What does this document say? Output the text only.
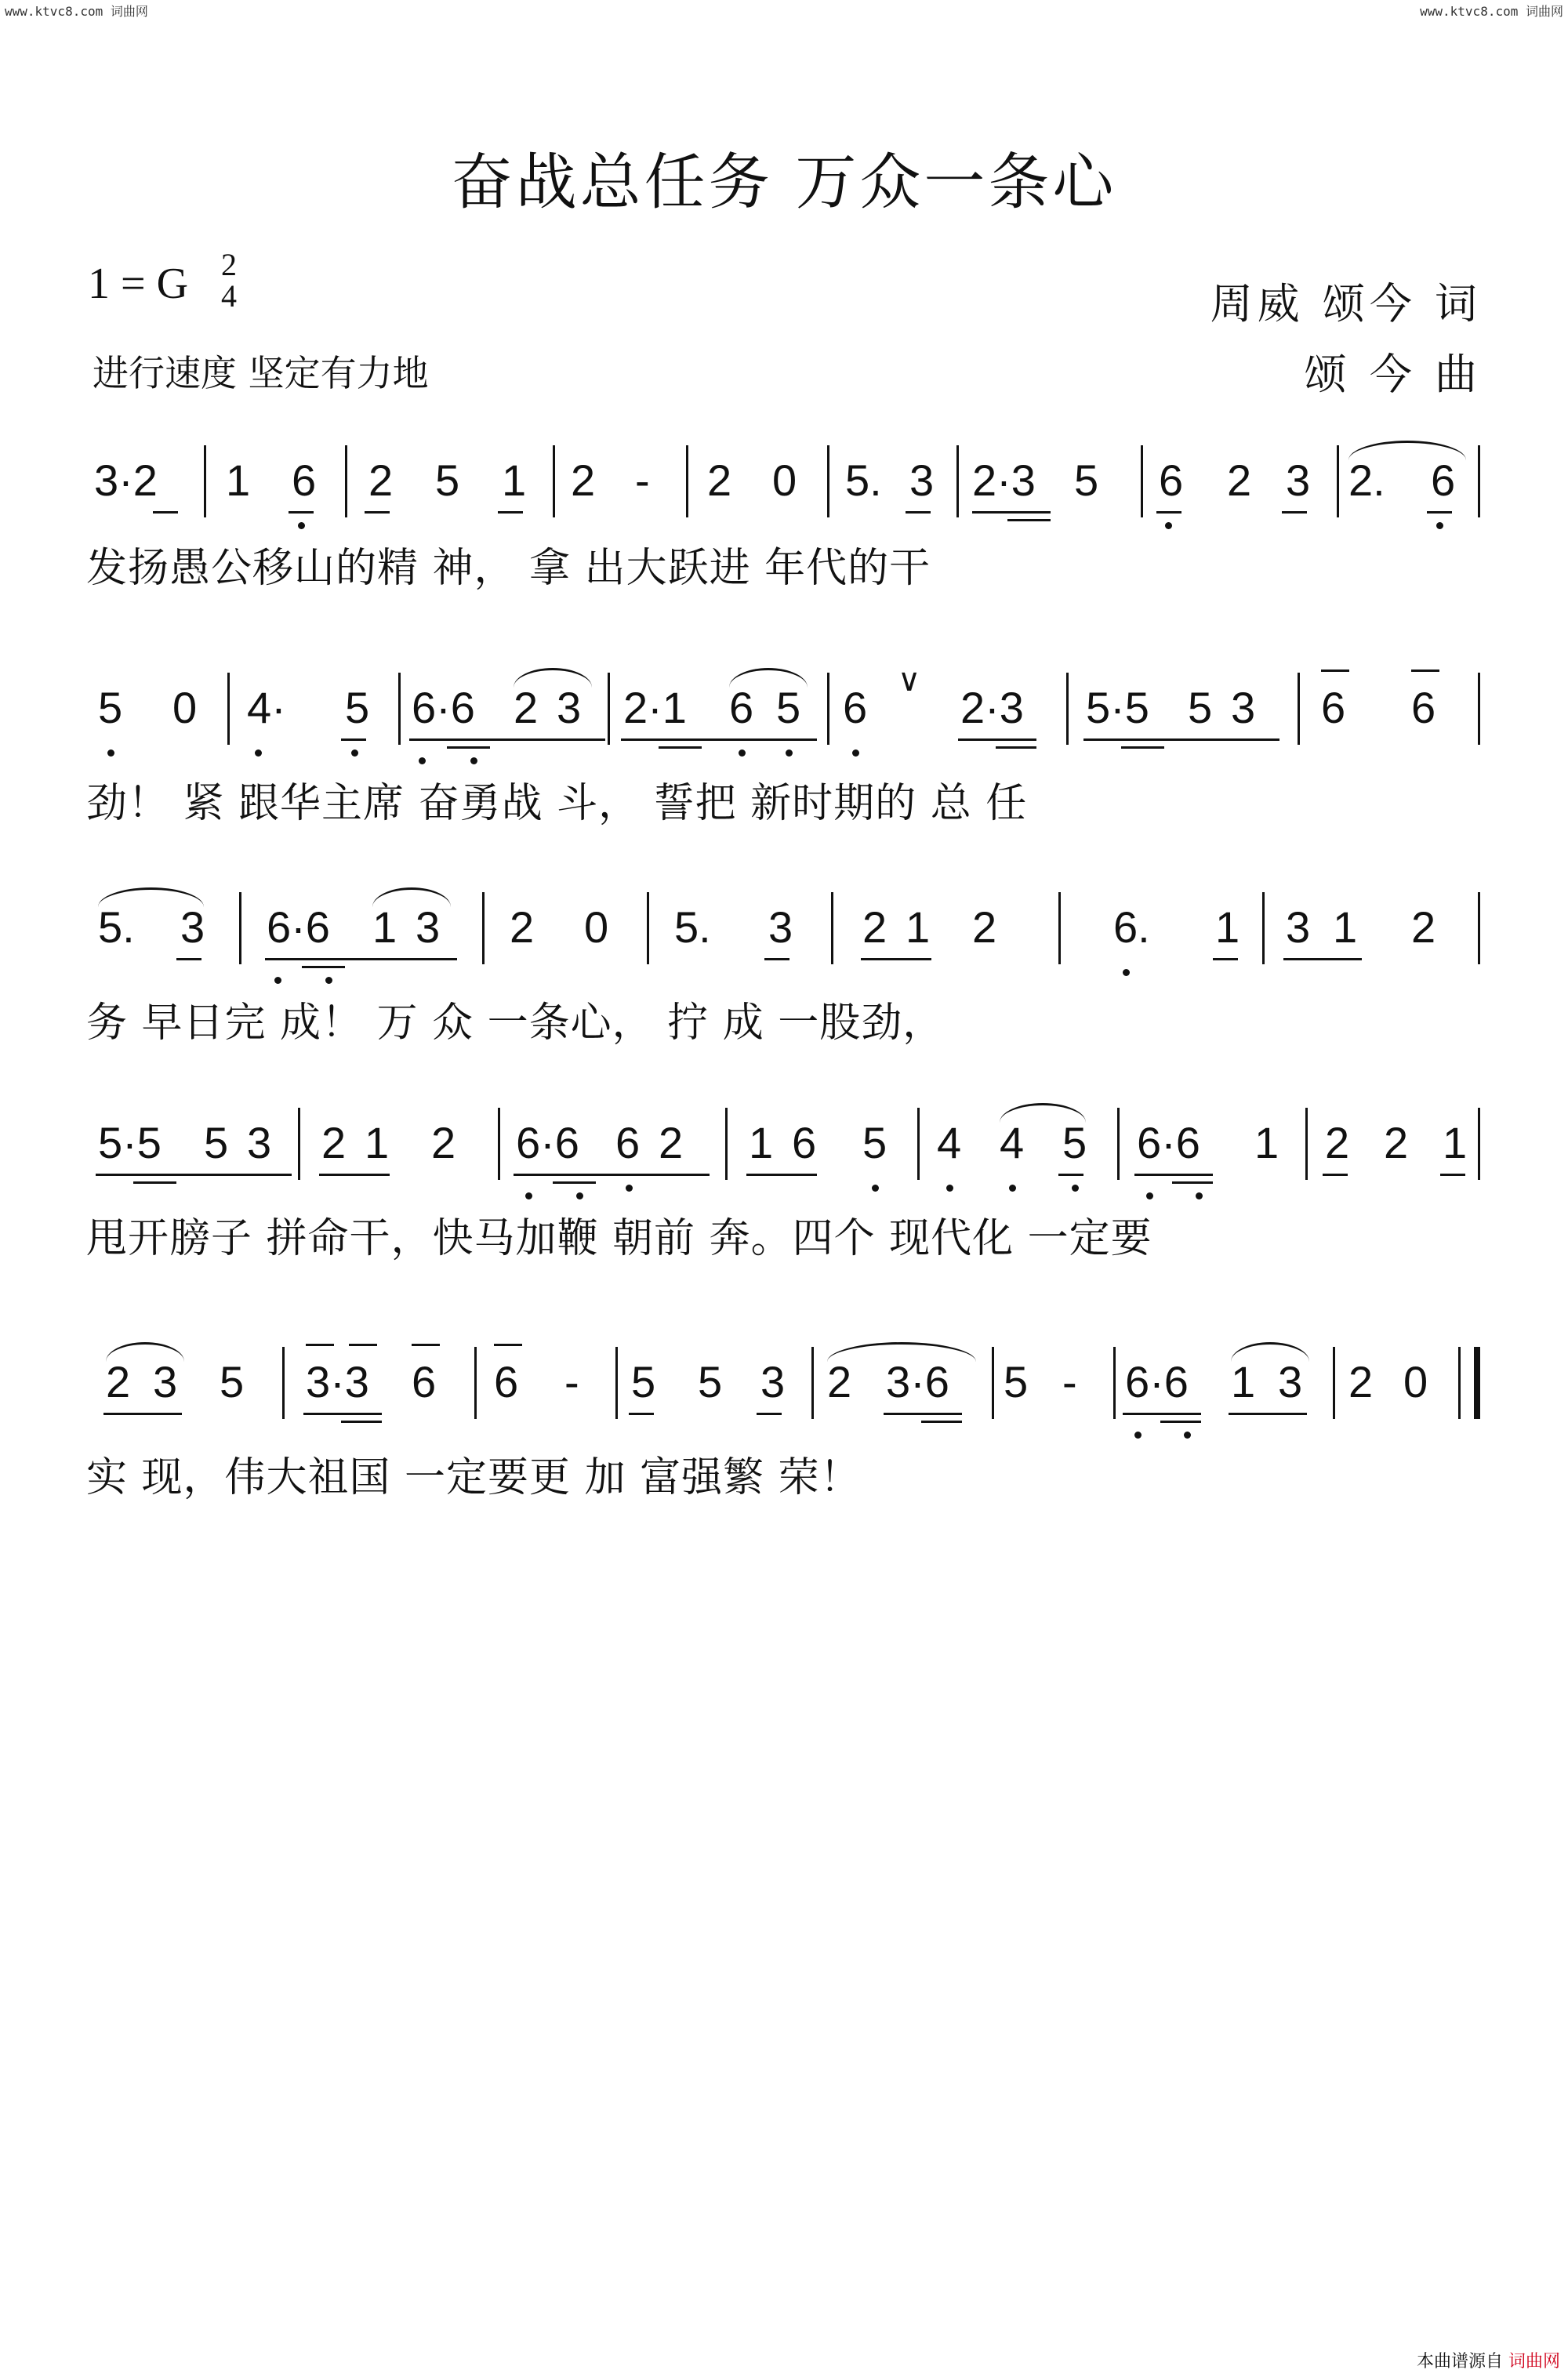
www.ktvc8.com 词曲网	www.ktvc8.com 词曲网
奋战总任务 万众一条心
1 = G 2
4
进行速度 坚定有力地
周威 颂今 词
颂 今 曲
3·2 1 6 2 5 1 2 - 2 0 5. 3 2·3 5 6 2 3 2. 6
发扬愚公移山的精 神， 拿 出大跃进 年代的干
5 0 4· 5 6·6 2 3 2·1 6 5 6
∨
2·3 5·5 5 3 6 6
劲！ 紧 跟华主席 奋勇战 斗， 誓把 新时期的 总 任
5. 3 6·6 1 3 2 0 5. 3 2 1 2	6. 1 3 1 2
务 早日完 成！ 万 众 一条心， 拧 成 一股劲，
5·5 5 3 2 1 2 6·6 6 2 1 6 5 4 4 5 6·6 1 2 2 1
甩开膀子 拼命干，快马加鞭 朝前 奔。四个 现代化 一定要
2 3 5 3·3 6 6 - 5 5 3 2 3·6 5 - 6·6 1 3 2 0
实 现，伟大祖国 一定要更 加 富强繁 荣！
本曲谱源自 词曲网
